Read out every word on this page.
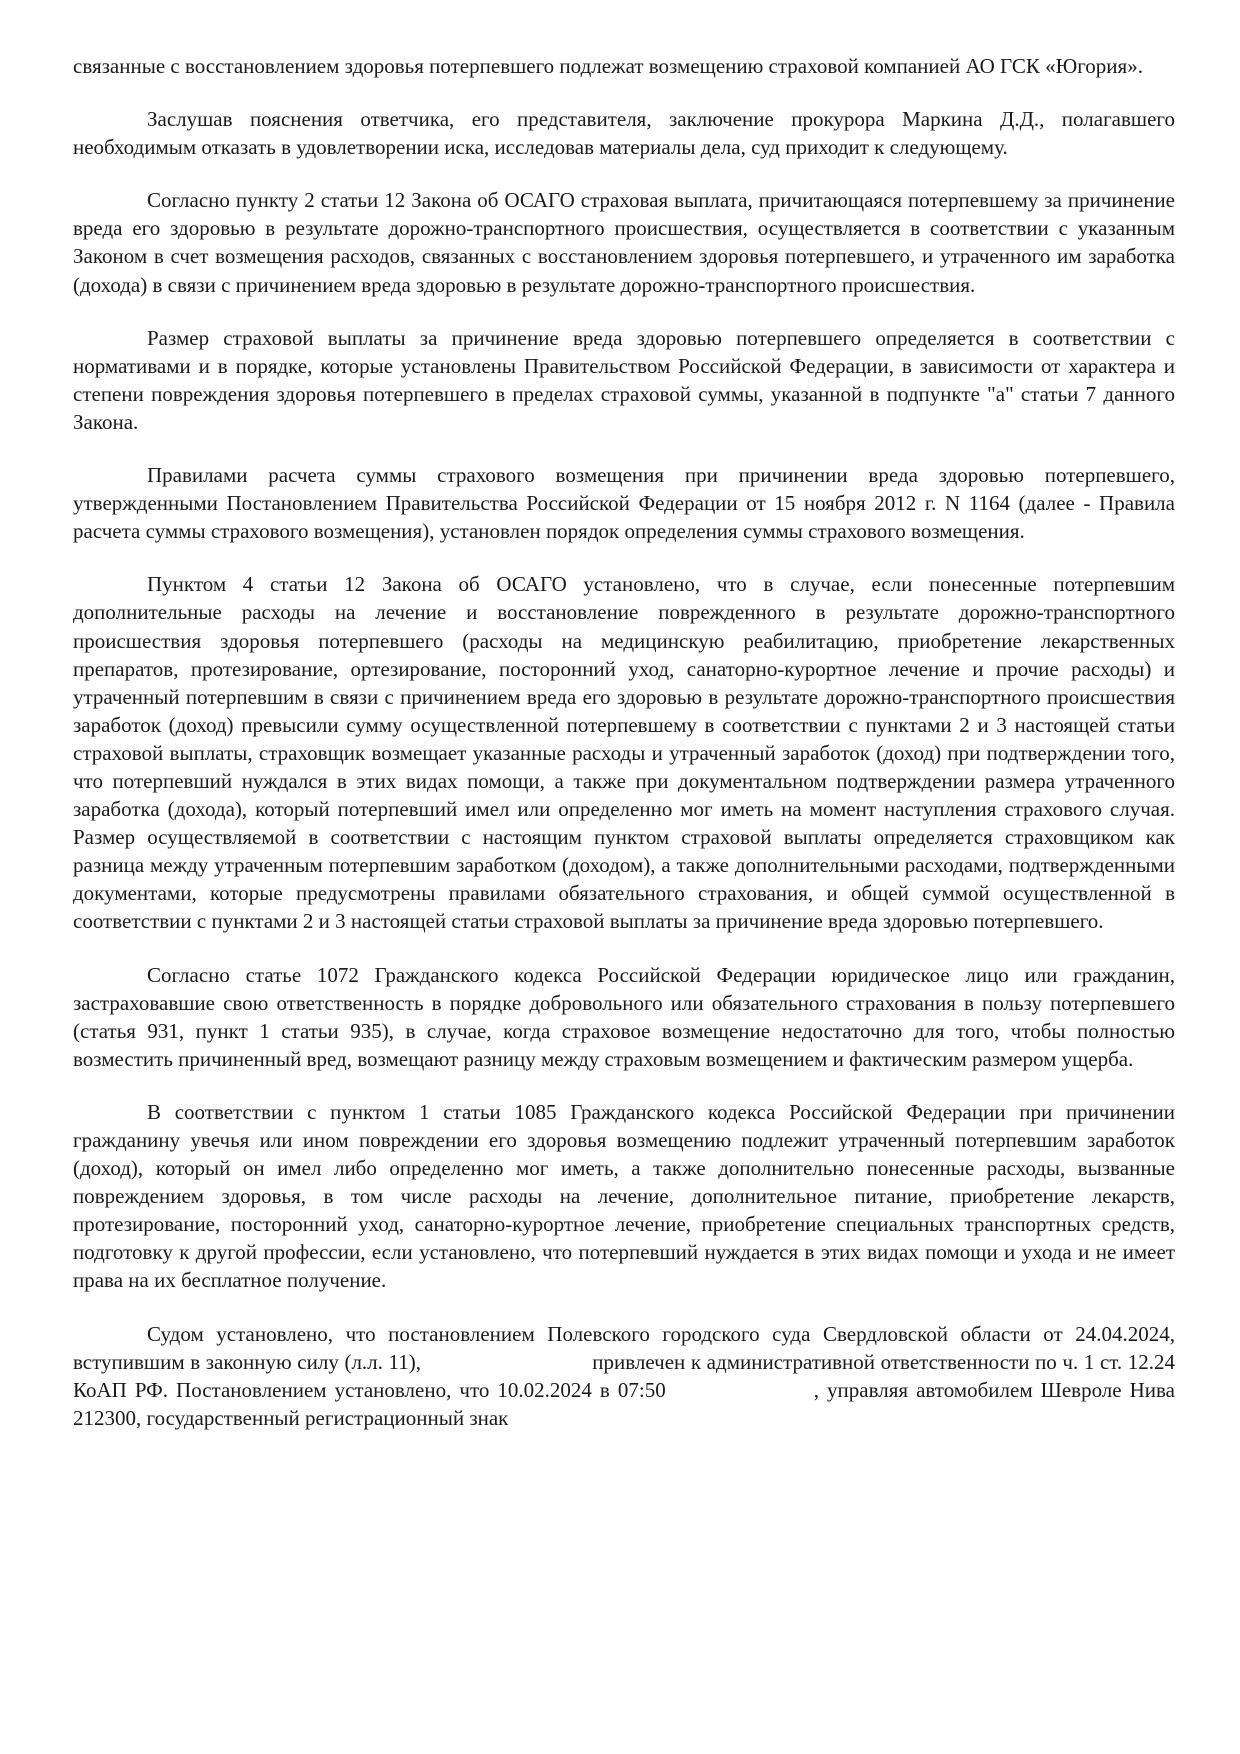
связанные с восстановлением здоровья потерпевшего подлежат возмещению страховой компанией АО ГСК «Югория».

Заслушав пояснения ответчика, его представителя, заключение прокурора Маркина Д.Д., полагавшего необходимым отказать в удовлетворении иска, исследовав материалы дела, суд приходит к следующему.

Согласно пункту 2 статьи 12 Закона об ОСАГО страховая выплата, причитающаяся потерпевшему за причинение вреда его здоровью в результате дорожно-транспортного происшествия, осуществляется в соответствии с указанным Законом в счет возмещения расходов, связанных с восстановлением здоровья потерпевшего, и утраченного им заработка (дохода) в связи с причинением вреда здоровью в результате дорожно-транспортного происшествия.

Размер страховой выплаты за причинение вреда здоровью потерпевшего определяется в соответствии с нормативами и в порядке, которые установлены Правительством Российской Федерации, в зависимости от характера и степени повреждения здоровья потерпевшего в пределах страховой суммы, указанной в подпункте "а" статьи 7 данного Закона.

Правилами расчета суммы страхового возмещения при причинении вреда здоровью потерпевшего, утвержденными Постановлением Правительства Российской Федерации от 15 ноября 2012 г. N 1164 (далее - Правила расчета суммы страхового возмещения), установлен порядок определения суммы страхового возмещения.

Пунктом 4 статьи 12 Закона об ОСАГО установлено, что в случае, если понесенные потерпевшим дополнительные расходы на лечение и восстановление поврежденного в результате дорожно-транспортного происшествия здоровья потерпевшего (расходы на медицинскую реабилитацию, приобретение лекарственных препаратов, протезирование, ортезирование, посторонний уход, санаторно-курортное лечение и прочие расходы) и утраченный потерпевшим в связи с причинением вреда его здоровью в результате дорожно-транспортного происшествия заработок (доход) превысили сумму осуществленной потерпевшему в соответствии с пунктами 2 и 3 настоящей статьи страховой выплаты, страховщик возмещает указанные расходы и утраченный заработок (доход) при подтверждении того, что потерпевший нуждался в этих видах помощи, а также при документальном подтверждении размера утраченного заработка (дохода), который потерпевший имел или определенно мог иметь на момент наступления страхового случая. Размер осуществляемой в соответствии с настоящим пунктом страховой выплаты определяется страховщиком как разница между утраченным потерпевшим заработком (доходом), а также дополнительными расходами, подтвержденными документами, которые предусмотрены правилами обязательного страхования, и общей суммой осуществленной в соответствии с пунктами 2 и 3 настоящей статьи страховой выплаты за причинение вреда здоровью потерпевшего.

Согласно статье 1072 Гражданского кодекса Российской Федерации юридическое лицо или гражданин, застраховавшие свою ответственность в порядке добровольного или обязательного страхования в пользу потерпевшего (статья 931, пункт 1 статьи 935), в случае, когда страховое возмещение недостаточно для того, чтобы полностью возместить причиненный вред, возмещают разницу между страховым возмещением и фактическим размером ущерба.

В соответствии с пунктом 1 статьи 1085 Гражданского кодекса Российской Федерации при причинении гражданину увечья или ином повреждении его здоровья возмещению подлежит утраченный потерпевшим заработок (доход), который он имел либо определенно мог иметь, а также дополнительно понесенные расходы, вызванные повреждением здоровья, в том числе расходы на лечение, дополнительное питание, приобретение лекарств, протезирование, посторонний уход, санаторно-курортное лечение, приобретение специальных транспортных средств, подготовку к другой профессии, если установлено, что потерпевший нуждается в этих видах помощи и ухода и не имеет права на их бесплатное получение.

Судом установлено, что постановлением Полевского городского суда Свердловской области от 24.04.2024, вступившим в законную силу (л.л. 11),	привлечен к административной ответственности по ч. 1 ст. 12.24 КоАП РФ. Постановлением установлено, что 10.02.2024 в 07:50	, управляя автомобилем Шевроле Нива 212300, государственный регистрационный знак
